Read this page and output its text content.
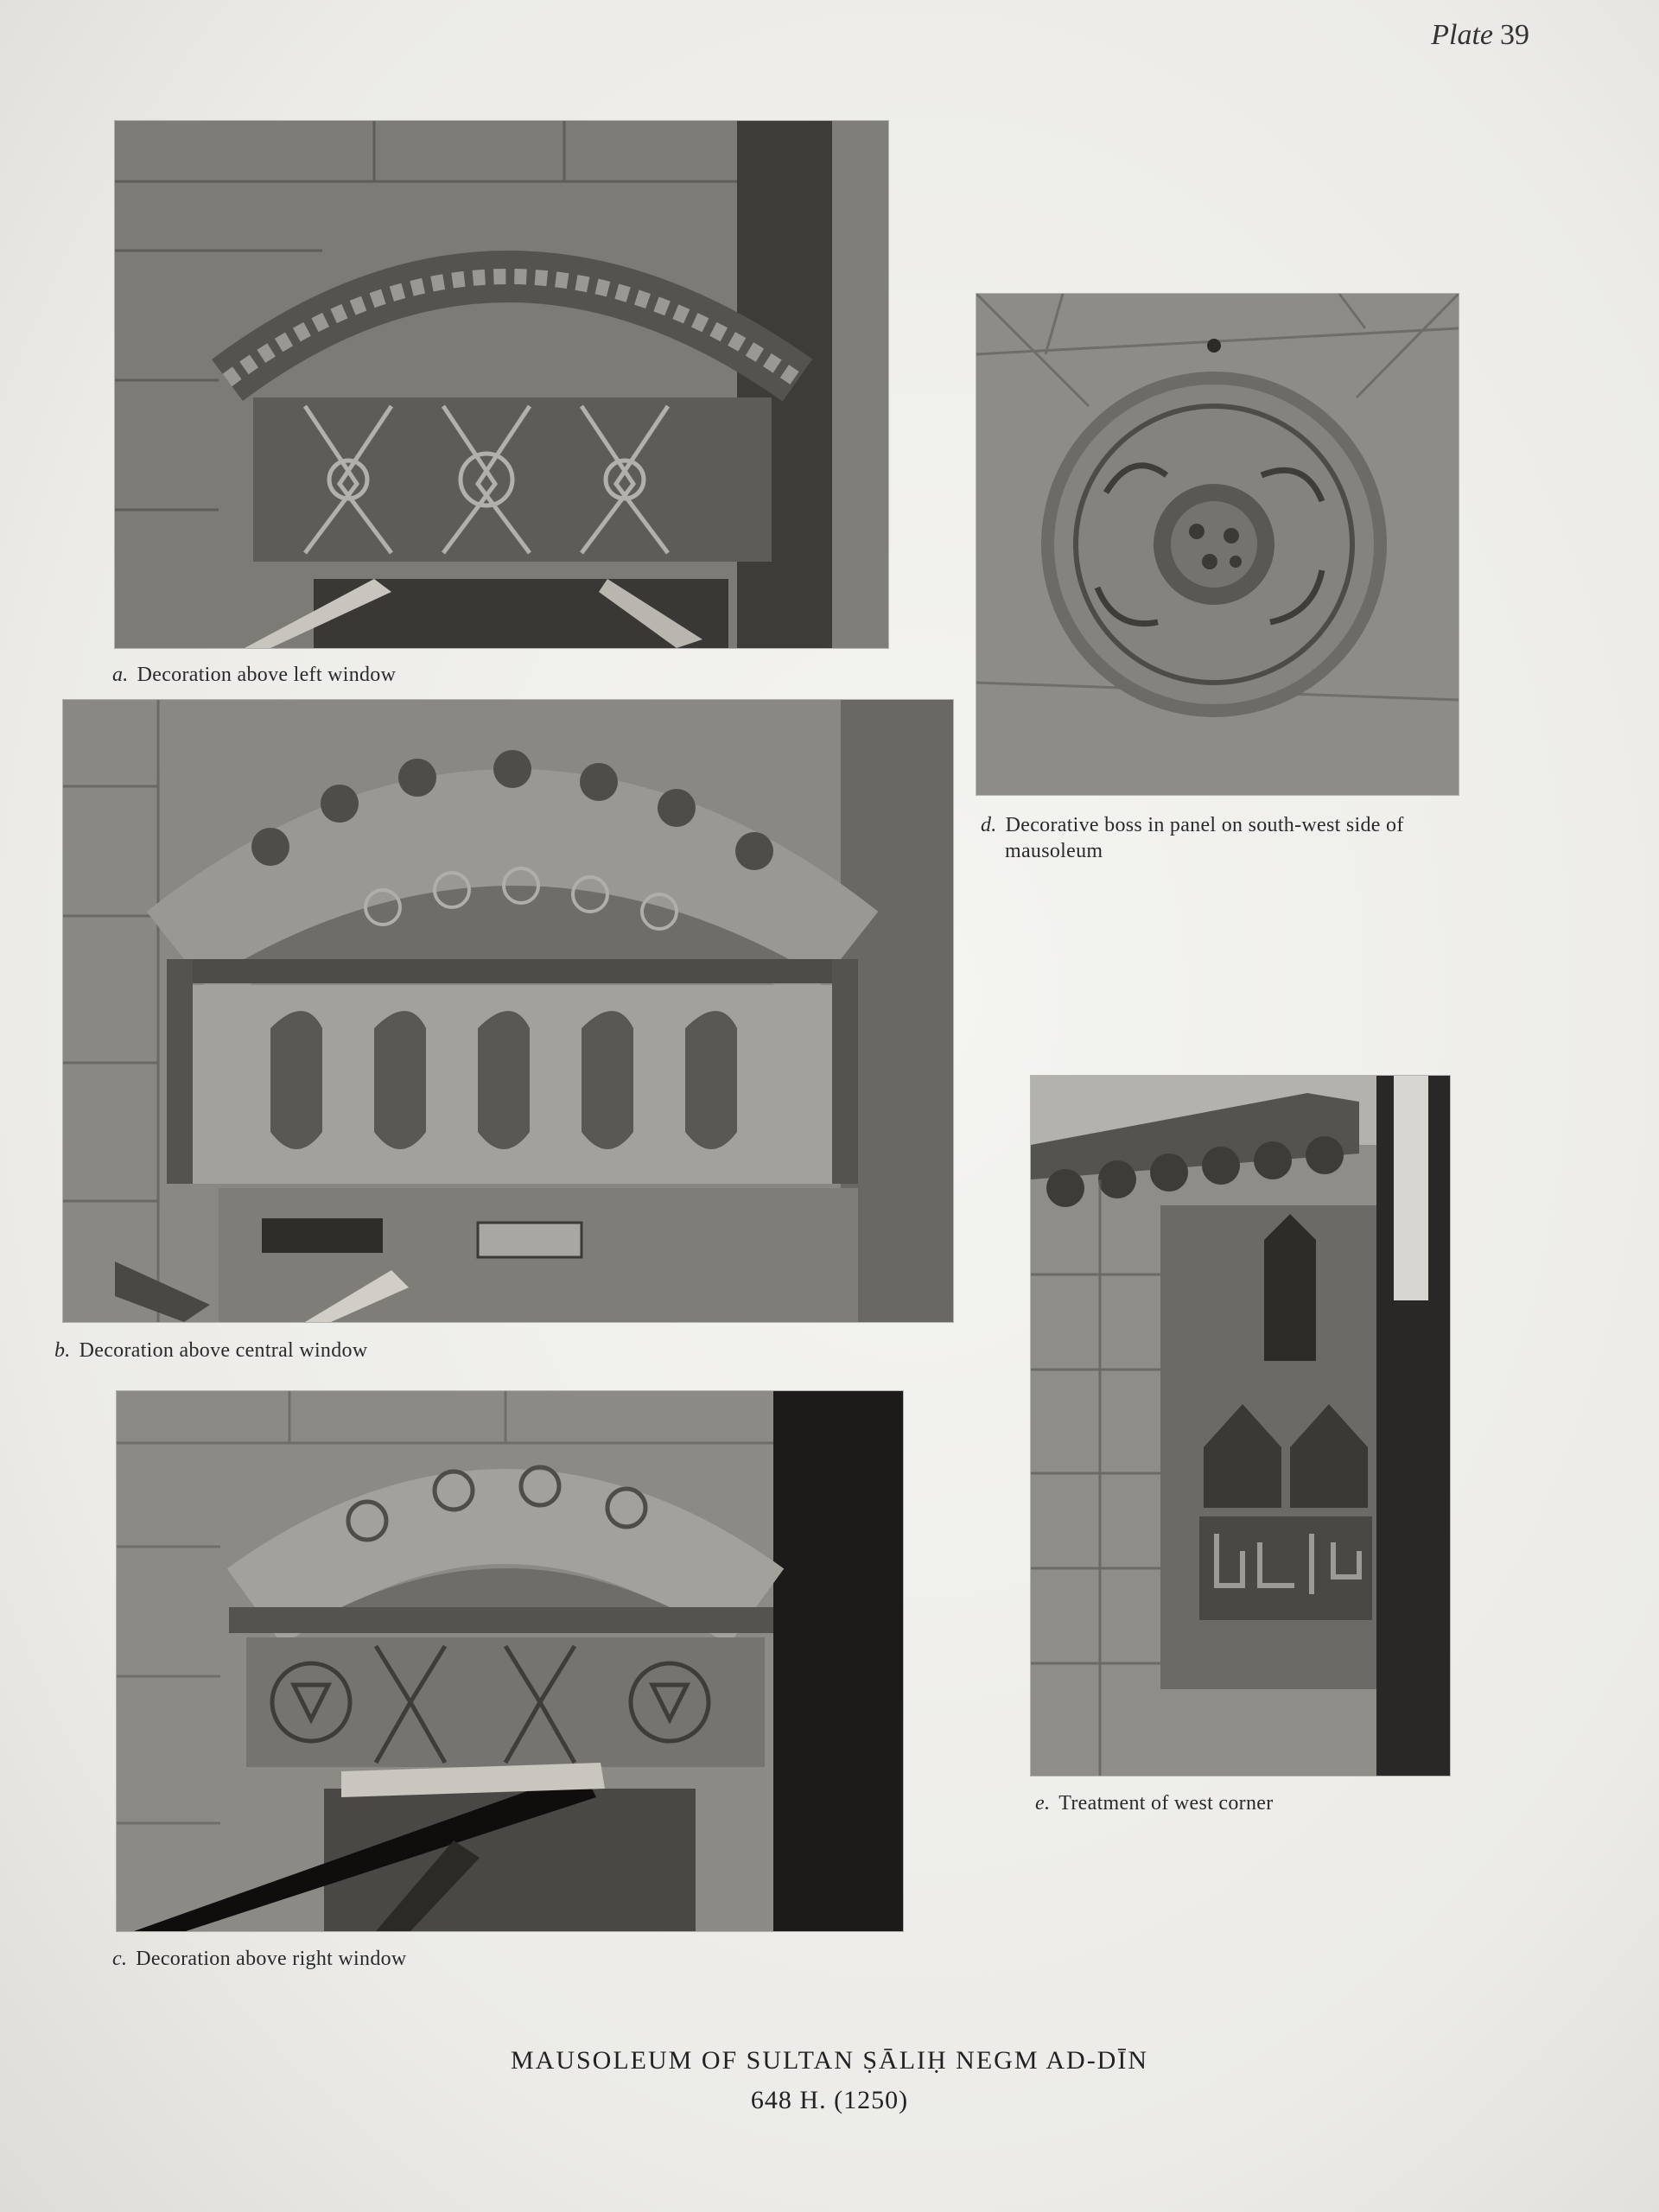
Plate 39
a. Decoration above left window
d. Decorative boss in panel on south-west side of
mausoleum
b. Decoration above central window
e. Treatment of west corner
c. Decoration above right window
MAUSOLEUM OF SULTAN ṢĀLIḤ NEGM AD-DĪN
648 H. (1250)
